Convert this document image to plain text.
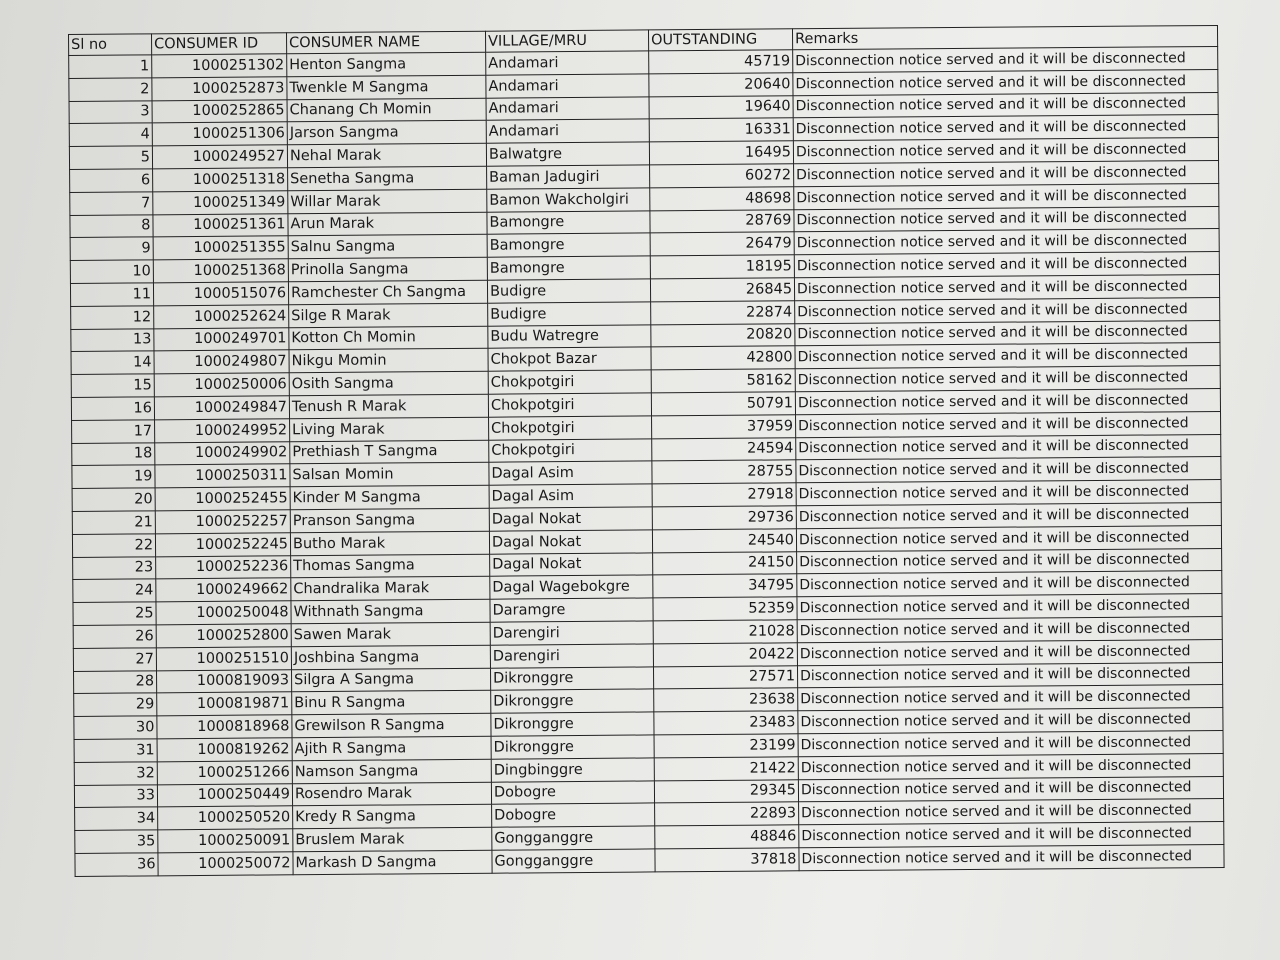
Sl no	CONSUMER ID	CONSUMER NAME	VILLAGE/MRU	OUTSTANDING	Remarks
1	1000251302	Henton Sangma	Andamari	45719	Disconnection notice served and it will be disconnected
2	1000252873	Twenkle M Sangma	Andamari	20640	Disconnection notice served and it will be disconnected
3	1000252865	Chanang Ch Momin	Andamari	19640	Disconnection notice served and it will be disconnected
4	1000251306	Jarson Sangma	Andamari	16331	Disconnection notice served and it will be disconnected
5	1000249527	Nehal Marak	Balwatgre	16495	Disconnection notice served and it will be disconnected
6	1000251318	Senetha Sangma	Baman Jadugiri	60272	Disconnection notice served and it will be disconnected
7	1000251349	Willar Marak	Bamon Wakcholgiri	48698	Disconnection notice served and it will be disconnected
8	1000251361	Arun Marak	Bamongre	28769	Disconnection notice served and it will be disconnected
9	1000251355	Salnu Sangma	Bamongre	26479	Disconnection notice served and it will be disconnected
10	1000251368	Prinolla Sangma	Bamongre	18195	Disconnection notice served and it will be disconnected
11	1000515076	Ramchester Ch Sangma	Budigre	26845	Disconnection notice served and it will be disconnected
12	1000252624	Silge R Marak	Budigre	22874	Disconnection notice served and it will be disconnected
13	1000249701	Kotton Ch Momin	Budu Watregre	20820	Disconnection notice served and it will be disconnected
14	1000249807	Nikgu Momin	Chokpot Bazar	42800	Disconnection notice served and it will be disconnected
15	1000250006	Osith Sangma	Chokpotgiri	58162	Disconnection notice served and it will be disconnected
16	1000249847	Tenush R Marak	Chokpotgiri	50791	Disconnection notice served and it will be disconnected
17	1000249952	Living Marak	Chokpotgiri	37959	Disconnection notice served and it will be disconnected
18	1000249902	Prethiash T Sangma	Chokpotgiri	24594	Disconnection notice served and it will be disconnected
19	1000250311	Salsan Momin	Dagal Asim	28755	Disconnection notice served and it will be disconnected
20	1000252455	Kinder M Sangma	Dagal Asim	27918	Disconnection notice served and it will be disconnected
21	1000252257	Pranson Sangma	Dagal Nokat	29736	Disconnection notice served and it will be disconnected
22	1000252245	Butho Marak	Dagal Nokat	24540	Disconnection notice served and it will be disconnected
23	1000252236	Thomas Sangma	Dagal Nokat	24150	Disconnection notice served and it will be disconnected
24	1000249662	Chandralika Marak	Dagal Wagebokgre	34795	Disconnection notice served and it will be disconnected
25	1000250048	Withnath Sangma	Daramgre	52359	Disconnection notice served and it will be disconnected
26	1000252800	Sawen Marak	Darengiri	21028	Disconnection notice served and it will be disconnected
27	1000251510	Joshbina Sangma	Darengiri	20422	Disconnection notice served and it will be disconnected
28	1000819093	Silgra A Sangma	Dikronggre	27571	Disconnection notice served and it will be disconnected
29	1000819871	Binu R Sangma	Dikronggre	23638	Disconnection notice served and it will be disconnected
30	1000818968	Grewilson R Sangma	Dikronggre	23483	Disconnection notice served and it will be disconnected
31	1000819262	Ajith R Sangma	Dikronggre	23199	Disconnection notice served and it will be disconnected
32	1000251266	Namson Sangma	Dingbinggre	21422	Disconnection notice served and it will be disconnected
33	1000250449	Rosendro Marak	Dobogre	29345	Disconnection notice served and it will be disconnected
34	1000250520	Kredy R Sangma	Dobogre	22893	Disconnection notice served and it will be disconnected
35	1000250091	Bruslem Marak	Gongganggre	48846	Disconnection notice served and it will be disconnected
36	1000250072	Markash D Sangma	Gongganggre	37818	Disconnection notice served and it will be disconnected
